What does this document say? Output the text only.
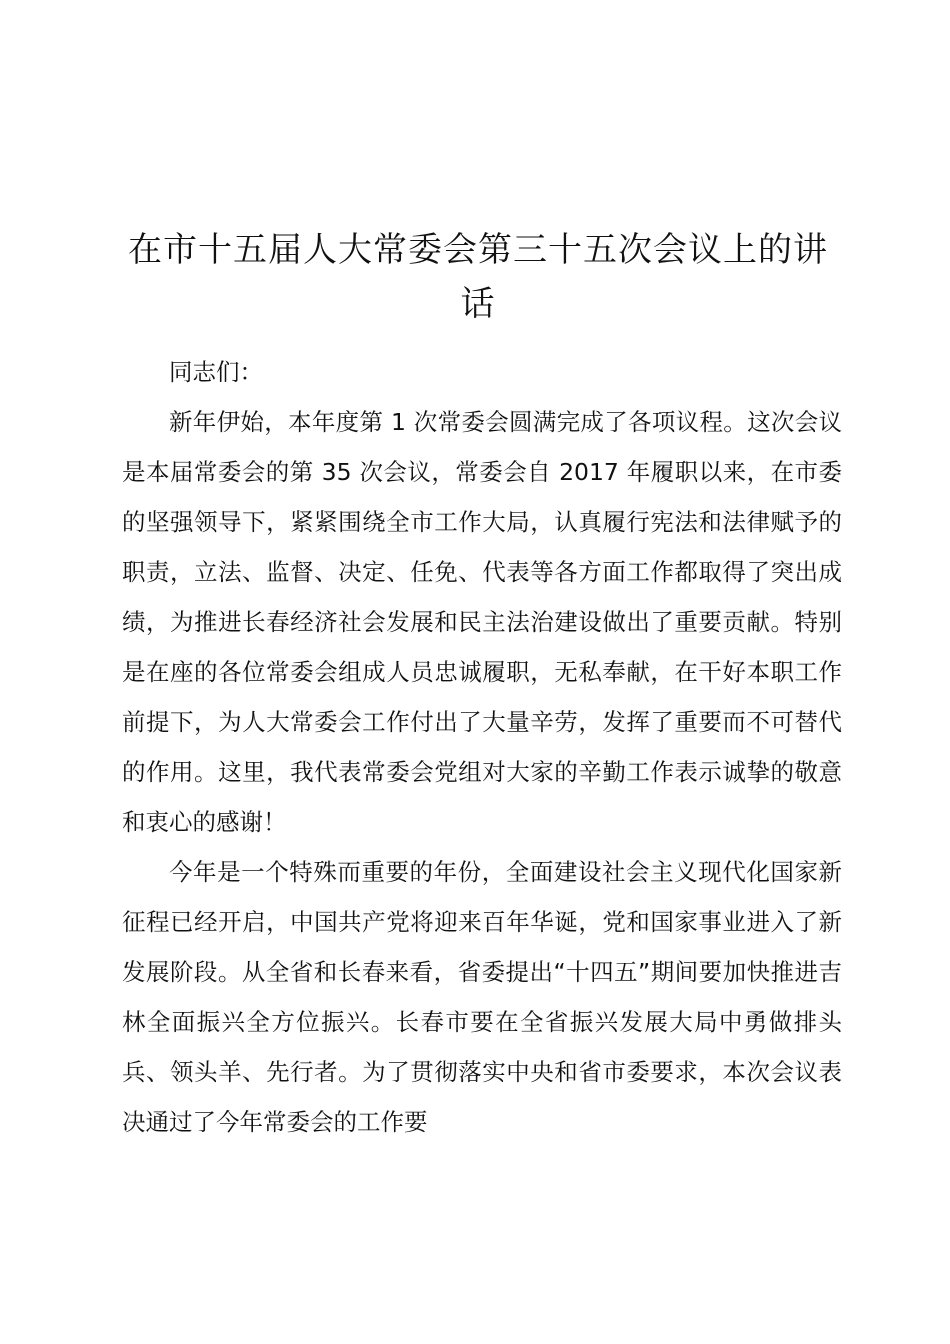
在市十五届人大常委会第三十五次会议上的讲话

同志们：

新年伊始，本年度第 1 次常委会圆满完成了各项议程。这次会议是本届常委会的第 35 次会议，常委会自 2017 年履职以来，在市委的坚强领导下，紧紧围绕全市工作大局，认真履行宪法和法律赋予的职责，立法、监督、决定、任免、代表等各方面工作都取得了突出成绩，为推进长春经济社会发展和民主法治建设做出了重要贡献。特别是在座的各位常委会组成人员忠诚履职，无私奉献，在干好本职工作前提下，为人大常委会工作付出了大量辛劳，发挥了重要而不可替代的作用。这里，我代表常委会党组对大家的辛勤工作表示诚挚的敬意和衷心的感谢！

今年是一个特殊而重要的年份，全面建设社会主义现代化国家新征程已经开启，中国共产党将迎来百年华诞，党和国家事业进入了新发展阶段。从全省和长春来看，省委提出“十四五”期间要加快推进吉林全面振兴全方位振兴。长春市要在全省振兴发展大局中勇做排头兵、领头羊、先行者。为了贯彻落实中央和省市委要求，本次会议表决通过了今年常委会的工作要
